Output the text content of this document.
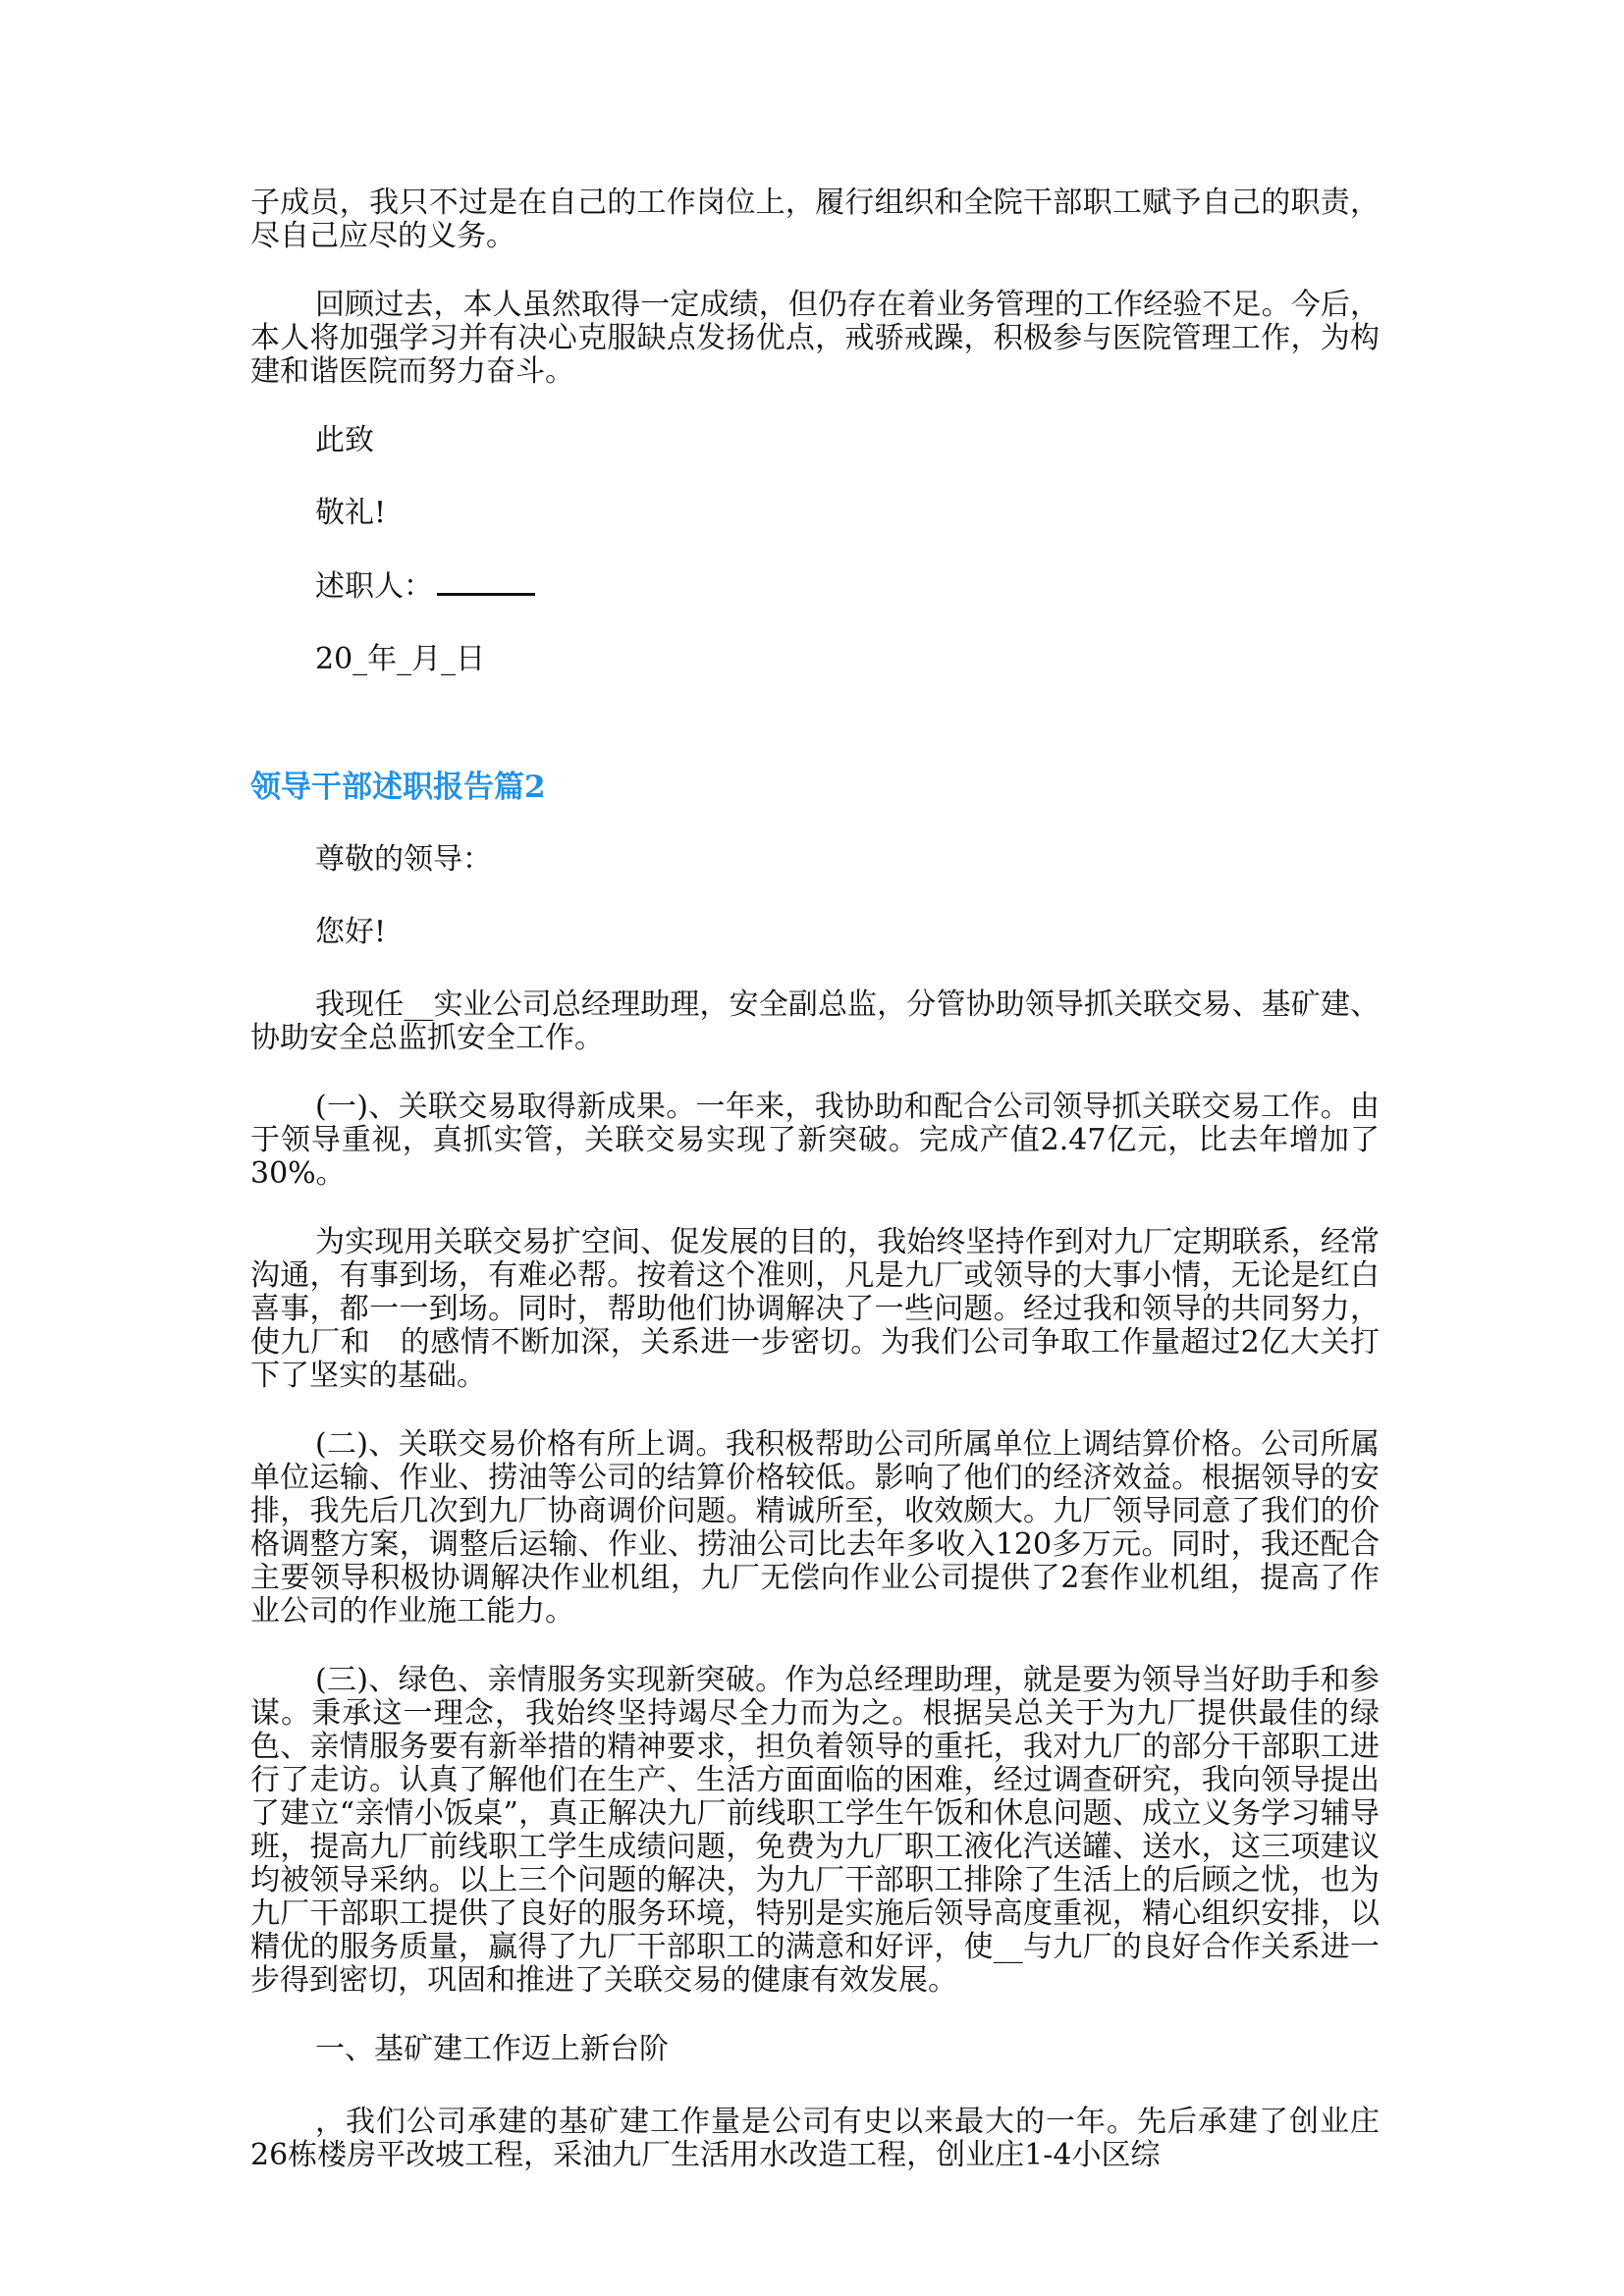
子成员，我只不过是在自己的工作岗位上，履行组织和全院干部职工赋予自己的职责，尽自己应尽的义务。

回顾过去，本人虽然取得一定成绩，但仍存在着业务管理的工作经验不足。今后，本人将加强学习并有决心克服缺点发扬优点，戒骄戒躁，积极参与医院管理工作，为构建和谐医院而努力奋斗。

此致

敬礼!

述职人：

20_年_月_日

领导干部述职报告篇2

尊敬的领导：

您好!

我现任__实业公司总经理助理，安全副总监，分管协助领导抓关联交易、基矿建、协助安全总监抓安全工作。

(一)、关联交易取得新成果。一年来，我协助和配合公司领导抓关联交易工作。由于领导重视，真抓实管，关联交易实现了新突破。完成产值2.47亿元，比去年增加了30%。

为实现用关联交易扩空间、促发展的目的，我始终坚持作到对九厂定期联系，经常沟通，有事到场，有难必帮。按着这个准则，凡是九厂或领导的大事小情，无论是红白喜事，都一一到场。同时，帮助他们协调解决了一些问题。经过我和领导的共同努力，使九厂和　的感情不断加深，关系进一步密切。为我们公司争取工作量超过2亿大关打下了坚实的基础。

(二)、关联交易价格有所上调。我积极帮助公司所属单位上调结算价格。公司所属单位运输、作业、捞油等公司的结算价格较低。影响了他们的经济效益。根据领导的安排，我先后几次到九厂协商调价问题。精诚所至，收效颇大。九厂领导同意了我们的价格调整方案，调整后运输、作业、捞油公司比去年多收入120多万元。同时，我还配合主要领导积极协调解决作业机组，九厂无偿向作业公司提供了2套作业机组，提高了作业公司的作业施工能力。

(三)、绿色、亲情服务实现新突破。作为总经理助理，就是要为领导当好助手和参谋。秉承这一理念，我始终坚持竭尽全力而为之。根据吴总关于为九厂提供最佳的绿色、亲情服务要有新举措的精神要求，担负着领导的重托，我对九厂的部分干部职工进行了走访。认真了解他们在生产、生活方面面临的困难，经过调查研究，我向领导提出了建立“亲情小饭桌”，真正解决九厂前线职工学生午饭和休息问题、成立义务学习辅导班，提高九厂前线职工学生成绩问题，免费为九厂职工液化汽送罐、送水，这三项建议均被领导采纳。以上三个问题的解决，为九厂干部职工排除了生活上的后顾之忧，也为九厂干部职工提供了良好的服务环境，特别是实施后领导高度重视，精心组织安排，以精优的服务质量，赢得了九厂干部职工的满意和好评，使__与九厂的良好合作关系进一步得到密切，巩固和推进了关联交易的健康有效发展。

一、基矿建工作迈上新台阶

，我们公司承建的基矿建工作量是公司有史以来最大的一年。先后承建了创业庄26栋楼房平改坡工程，采油九厂生活用水改造工程，创业庄1-4小区综
